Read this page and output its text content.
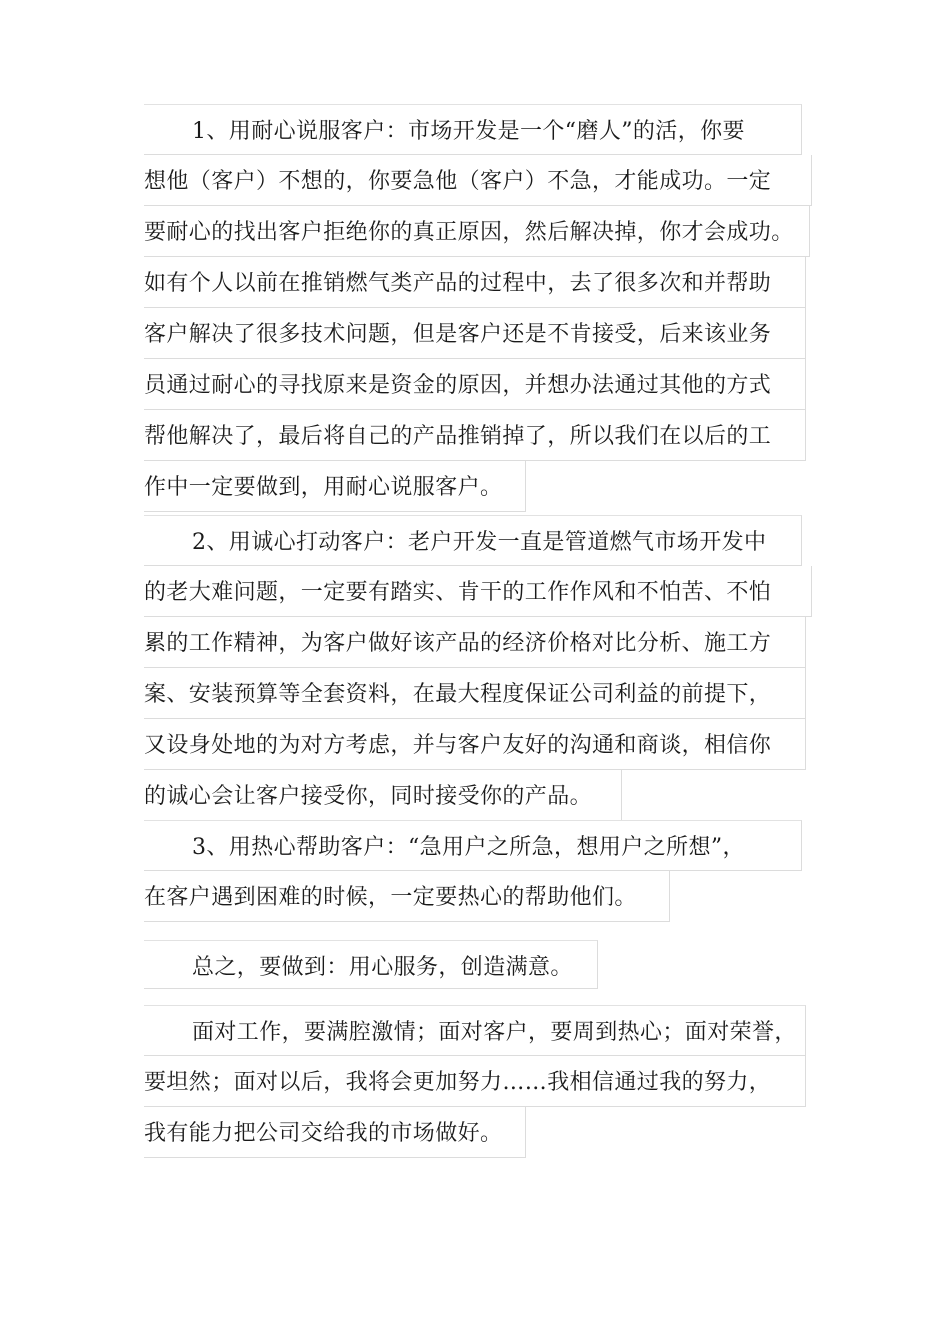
1、用耐心说服客户：市场开发是一个“磨人”的活，你要
想他（客户）不想的，你要急他（客户）不急，才能成功。一定
要耐心的找出客户拒绝你的真正原因，然后解决掉，你才会成功。
如有个人以前在推销燃气类产品的过程中，去了很多次和并帮助
客户解决了很多技术问题，但是客户还是不肯接受，后来该业务
员通过耐心的寻找原来是资金的原因，并想办法通过其他的方式
帮他解决了，最后将自己的产品推销掉了，所以我们在以后的工
作中一定要做到，用耐心说服客户。
2、用诚心打动客户：老户开发一直是管道燃气市场开发中
的老大难问题，一定要有踏实、肯干的工作作风和不怕苦、不怕
累的工作精神，为客户做好该产品的经济价格对比分析、施工方
案、安装预算等全套资料，在最大程度保证公司利益的前提下，
又设身处地的为对方考虑，并与客户友好的沟通和商谈，相信你
的诚心会让客户接受你，同时接受你的产品。
3、用热心帮助客户：“急用户之所急，想用户之所想”，
在客户遇到困难的时候，一定要热心的帮助他们。
总之，要做到：用心服务，创造满意。
面对工作，要满腔激情；面对客户，要周到热心；面对荣誉，
要坦然；面对以后，我将会更加努力……我相信通过我的努力，
我有能力把公司交给我的市场做好。
